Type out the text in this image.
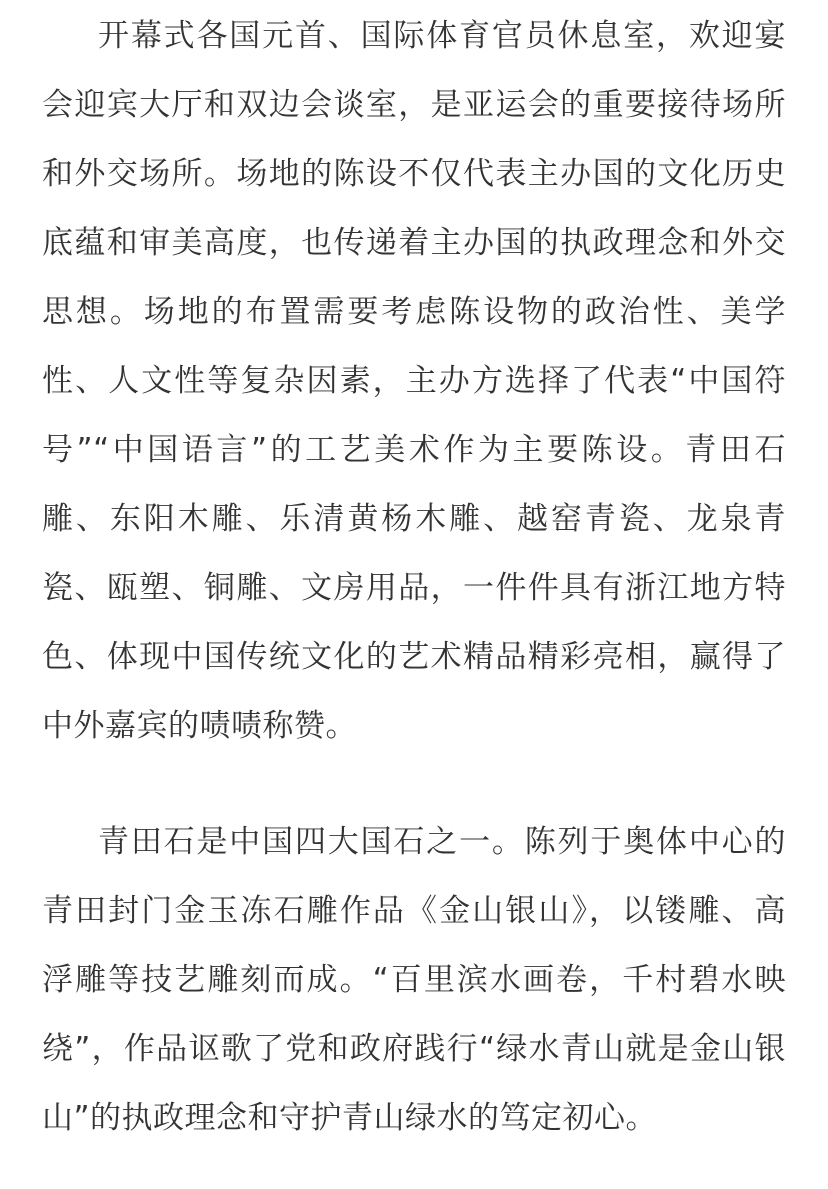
开幕式各国元首、国际体育官员休息室，欢迎宴
会迎宾大厅和双边会谈室，是亚运会的重要接待场所
和外交场所。场地的陈设不仅代表主办国的文化历史
底蕴和审美高度，也传递着主办国的执政理念和外交
思想。场地的布置需要考虑陈设物的政治性、美学
性、人文性等复杂因素，主办方选择了代表“中国符
号”“中国语言”的工艺美术作为主要陈设。青田石
雕、东阳木雕、乐清黄杨木雕、越窑青瓷、龙泉青
瓷、瓯塑、铜雕、文房用品，一件件具有浙江地方特
色、体现中国传统文化的艺术精品精彩亮相，赢得了
中外嘉宾的啧啧称赞。
青田石是中国四大国石之一。陈列于奥体中心的
青田封门金玉冻石雕作品《金山银山》，以镂雕、高
浮雕等技艺雕刻而成。“百里滨水画卷，千村碧水映
绕”，作品讴歌了党和政府践行“绿水青山就是金山银
山”的执政理念和守护青山绿水的笃定初心。
